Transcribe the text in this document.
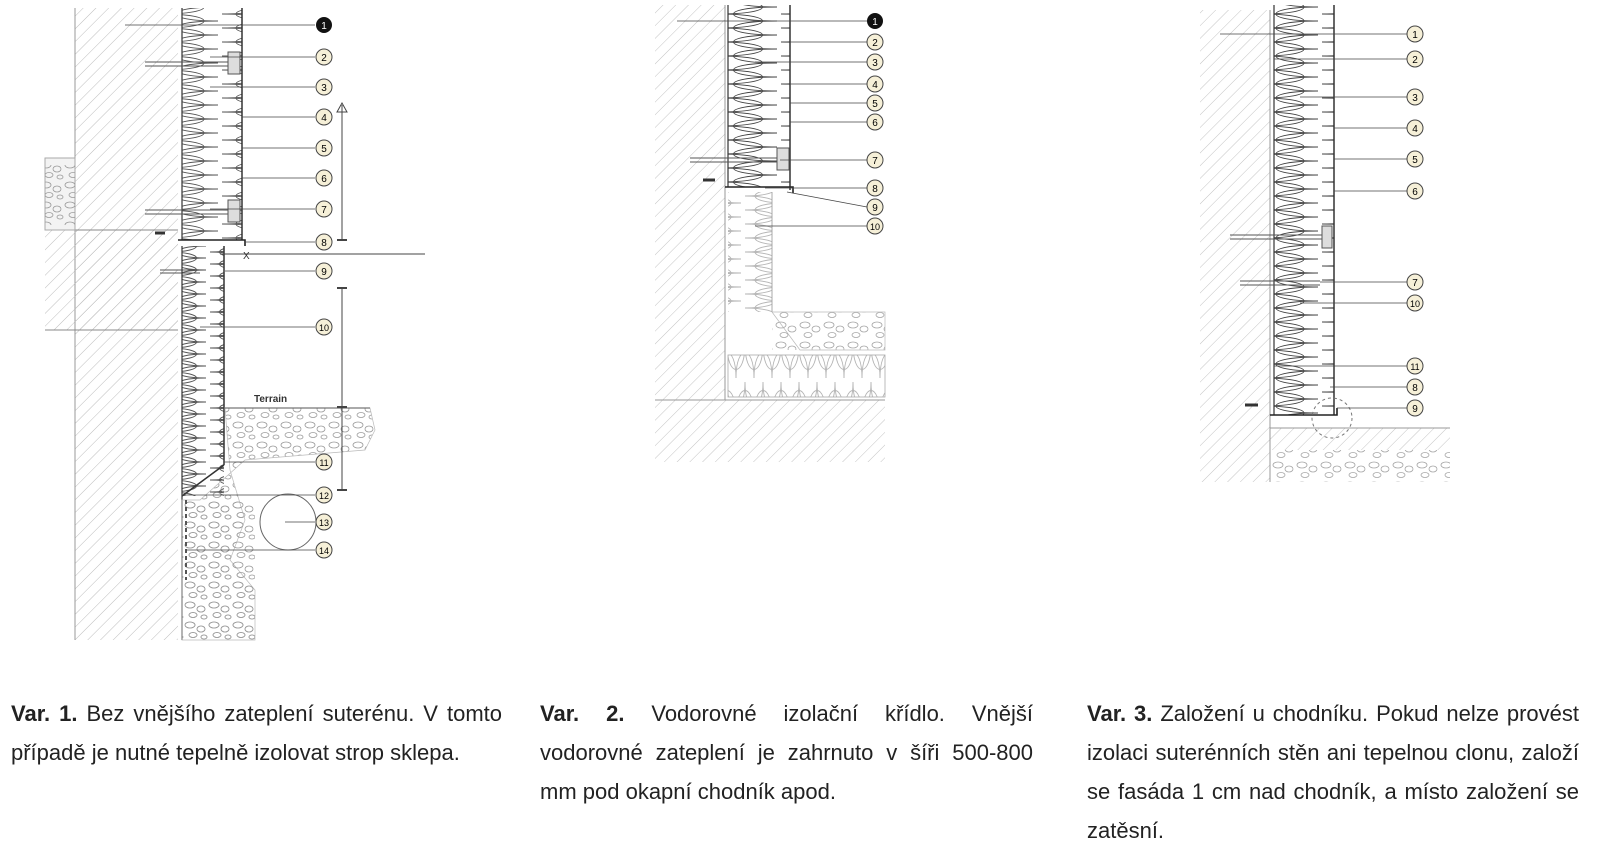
X
Terrain
1
2
3
4
5
6
7
8
9
10
11
12
13
14
1
2
3
4
5
6
7
8
9
10
1
2
3
4
5
6
7
10
11
8
9

Var. 1. Bez vnějšího zateplení suterénu. V tomto případě je nutné tepelně izolovat strop sklepa.

Var. 2. Vodorovné izolační křídlo. Vnější vodorovné zateplení je zahrnuto v šíři 500-800 mm pod okapní chodník apod.

Var. 3. Založení u chodníku. Pokud nelze provést izolaci suterénních stěn ani tepelnou clonu, založí se fasáda 1 cm nad chodník, a místo založení se zatěsní.
